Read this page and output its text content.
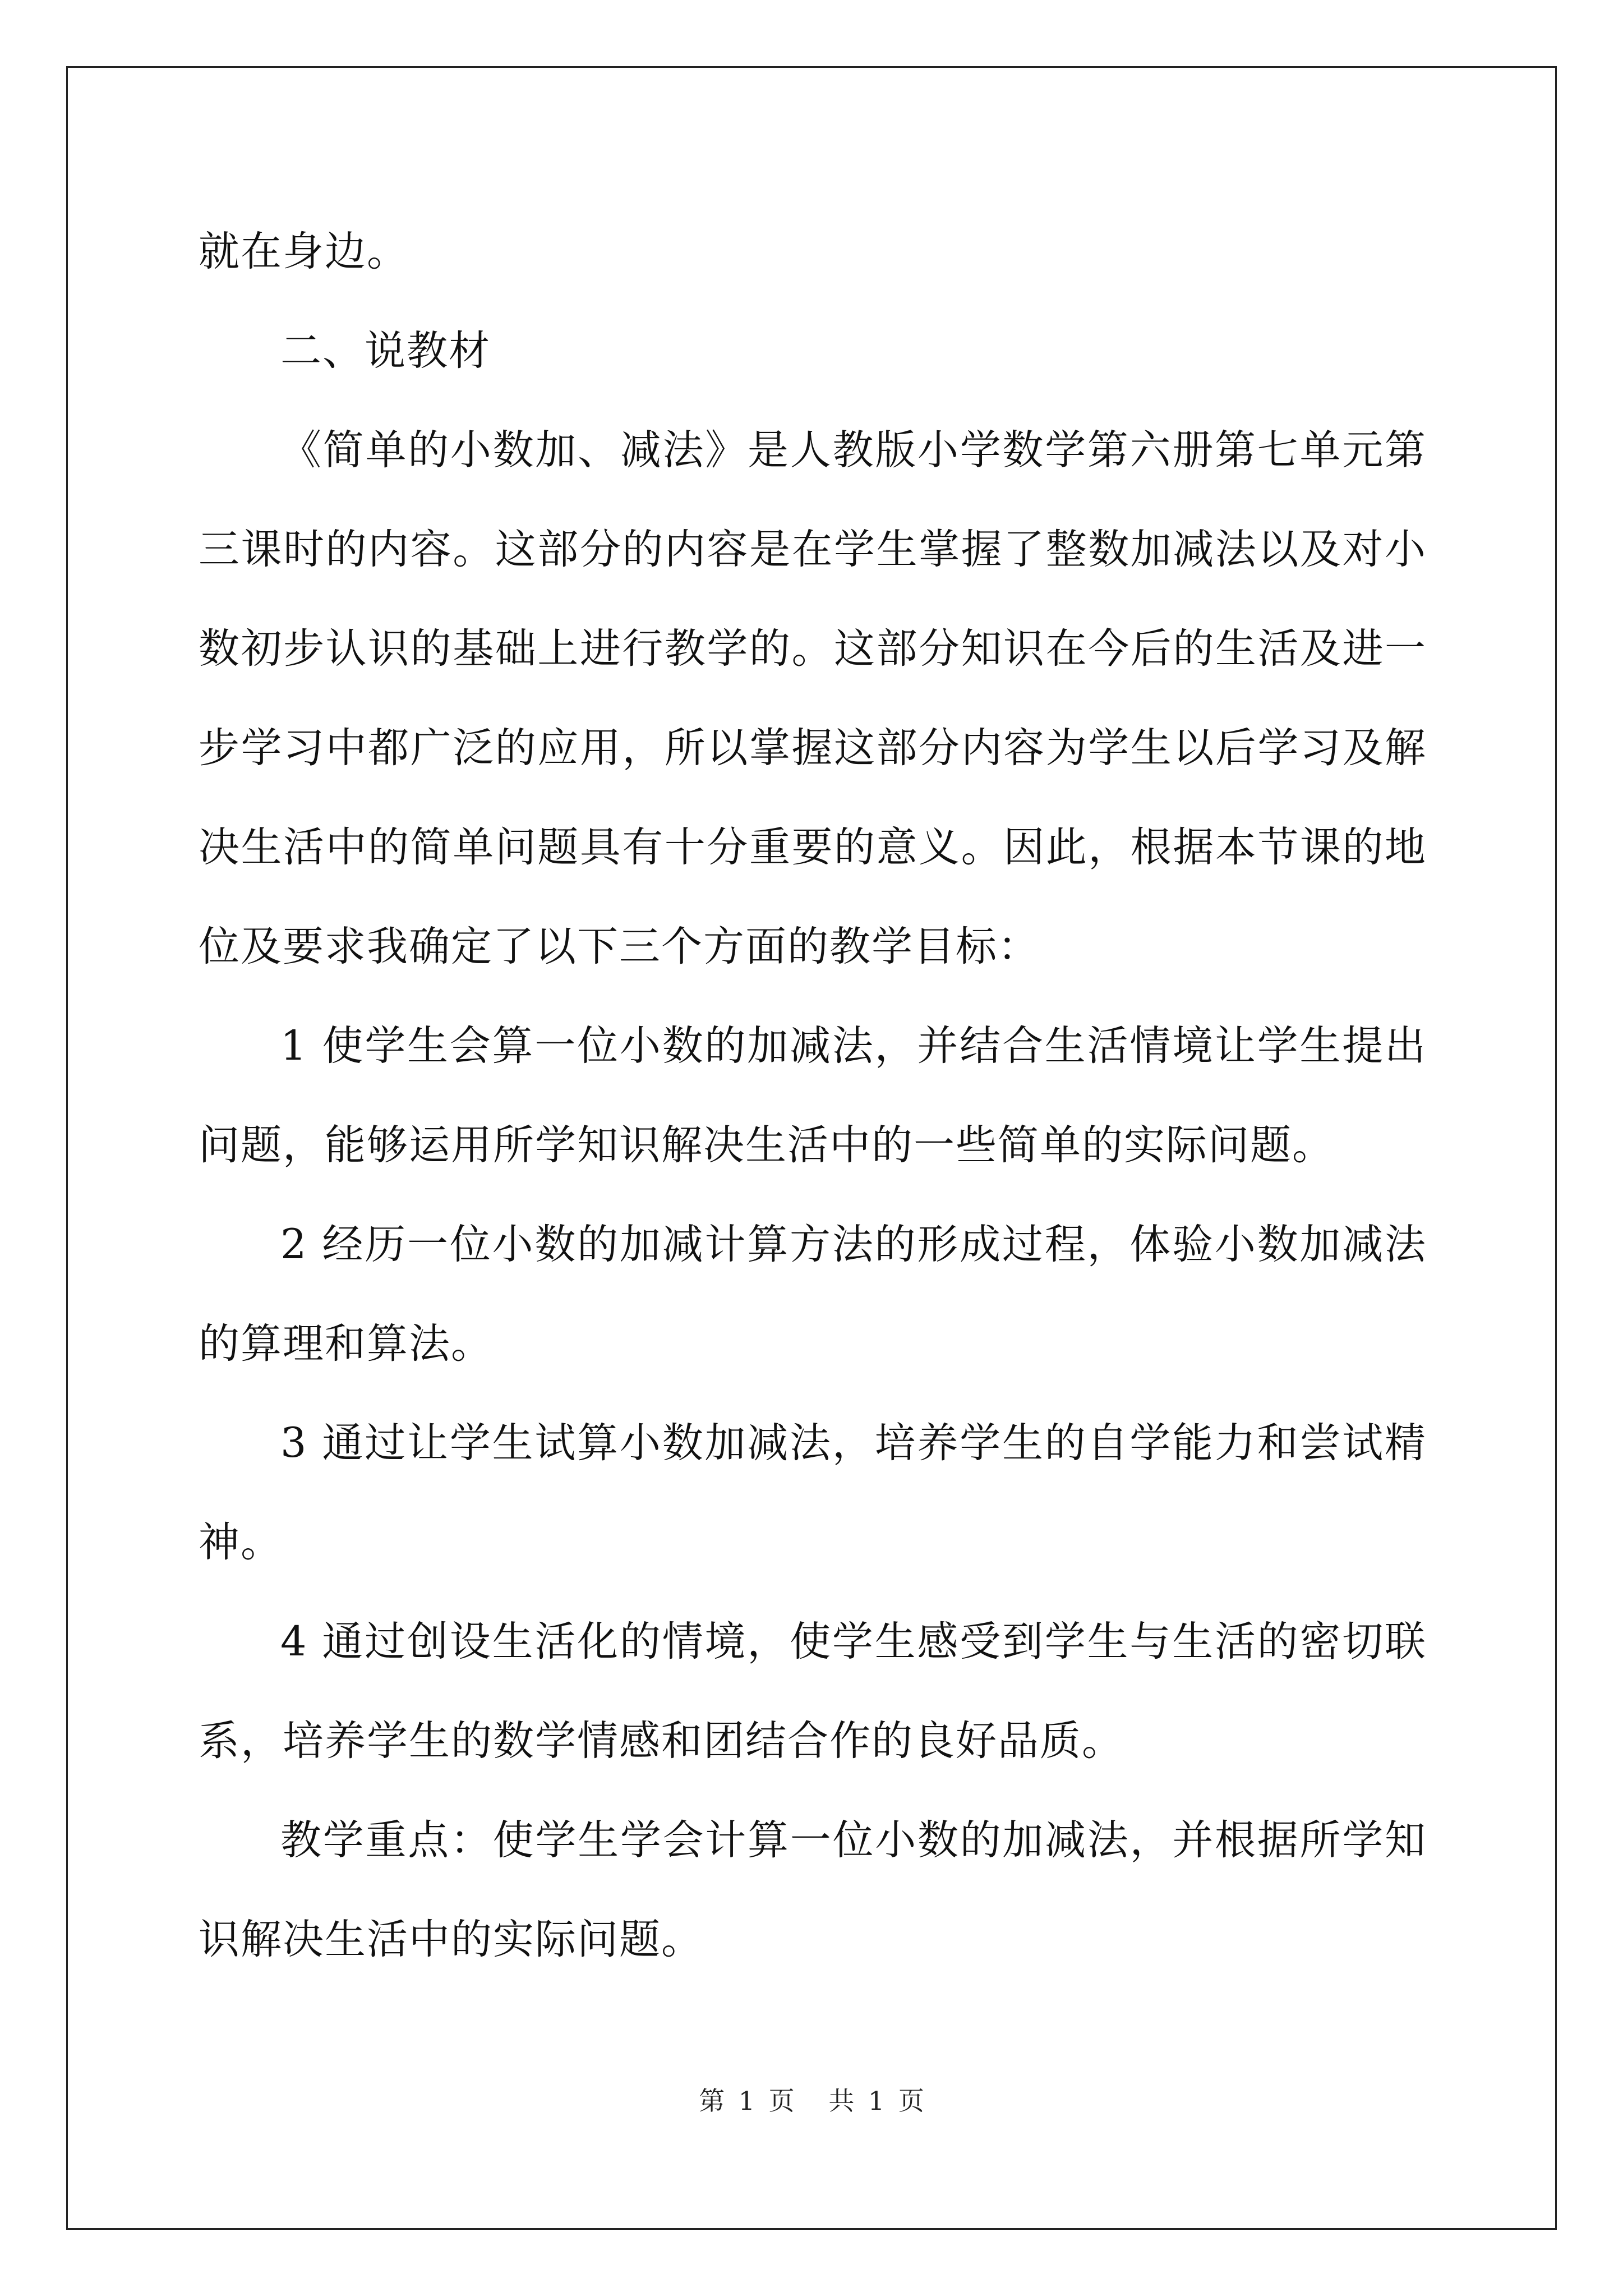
就在身边。

二、说教材

《简单的小数加、减法》是人教版小学数学第六册第七单元第三课时的内容。这部分的内容是在学生掌握了整数加减法以及对小数初步认识的基础上进行教学的。这部分知识在今后的生活及进一步学习中都广泛的应用，所以掌握这部分内容为学生以后学习及解决生活中的简单问题具有十分重要的意义。因此，根据本节课的地位及要求我确定了以下三个方面的教学目标：

1 使学生会算一位小数的加减法，并结合生活情境让学生提出问题，能够运用所学知识解决生活中的一些简单的实际问题。

2 经历一位小数的加减计算方法的形成过程，体验小数加减法的算理和算法。

3 通过让学生试算小数加减法，培养学生的自学能力和尝试精神。

4 通过创设生活化的情境，使学生感受到学生与生活的密切联系，培养学生的数学情感和团结合作的良好品质。

教学重点：使学生学会计算一位小数的加减法，并根据所学知识解决生活中的实际问题。

第 1 页 共 1 页
